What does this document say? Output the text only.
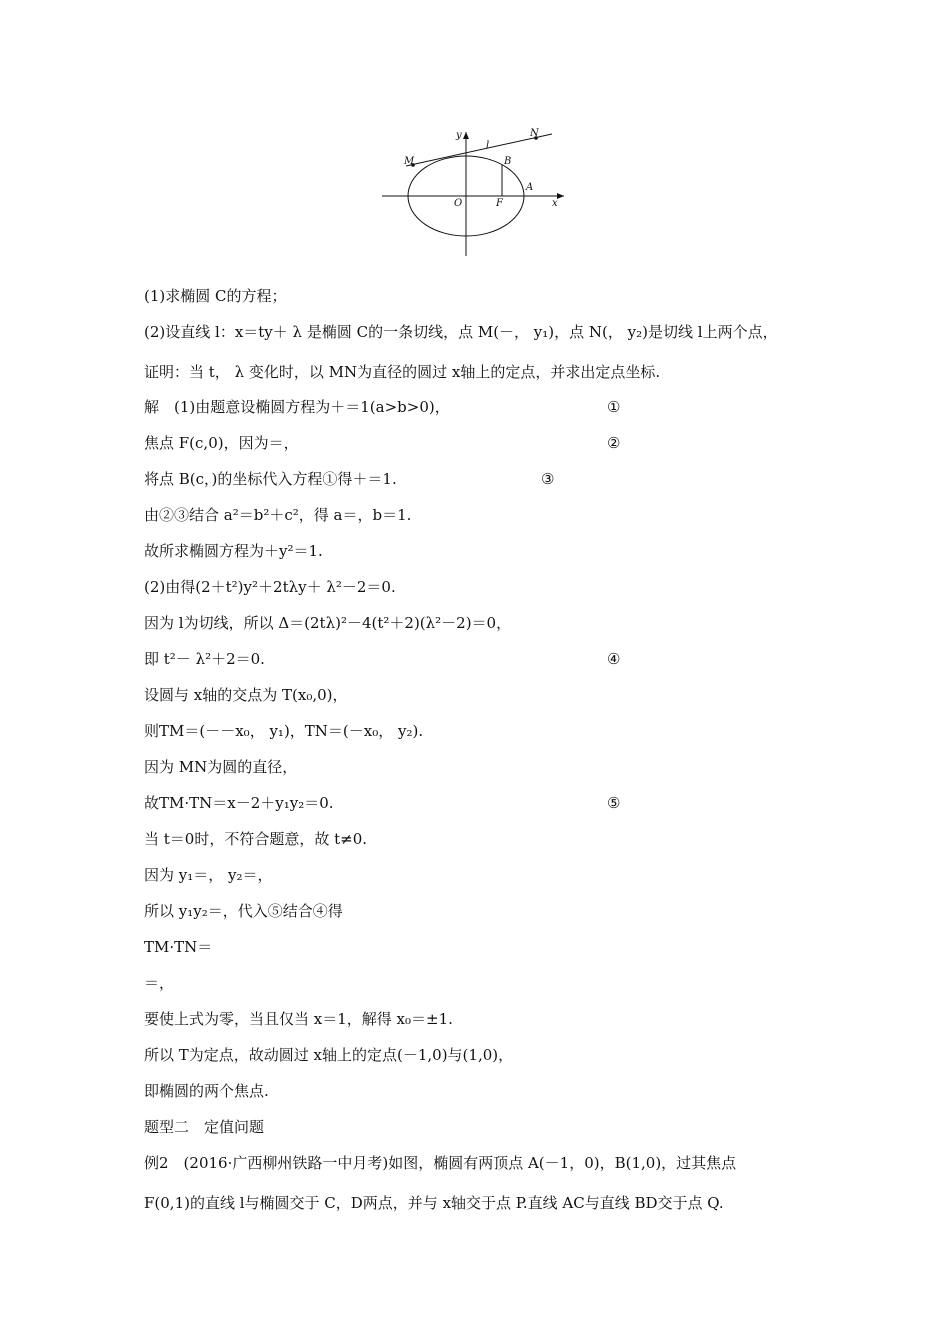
y
l
N
M	B
A
O	F	x
(1)求椭圆 C的方程；
(2)设直线 l：x＝ty＋ λ 是椭圆 C的一条切线，点 M(－， y₁)，点 N(， y₂)是切线 l上两个点，
证明：当 t， λ 变化时，以 MN为直径的圆过 x轴上的定点，并求出定点坐标.
解　(1)由题意设椭圆方程为＋＝1(a>b>0)，
焦点 F(c,0)，因为＝，
将点 B(c，)的坐标代入方程①得＋＝1.
由②③结合 a²＝b²＋c²，得 a＝，b＝1.
故所求椭圆方程为＋y²＝1.
(2)由得(2＋t²)y²＋2tλy＋ λ²－2＝0.
因为 l为切线，所以 Δ＝(2tλ)²－4(t²＋2)(λ²－2)＝0，
即 t²－ λ²＋2＝0.
设圆与 x轴的交点为 T(x₀,0)，
则TM＝(－－x₀， y₁)，TN＝(－x₀， y₂).
因为 MN为圆的直径，
故TM·TN＝x－2＋y₁y₂＝0.
当 t＝0时，不符合题意，故 t≠0.
因为 y₁＝， y₂＝，
所以 y₁y₂＝，代入⑤结合④得
TM·TN＝
＝，
要使上式为零，当且仅当 x＝1，解得 x₀＝±1.
所以 T为定点，故动圆过 x轴上的定点(－1,0)与(1,0)，
即椭圆的两个焦点.
题型二　定值问题
例2　(2016·广西柳州铁路一中月考)如图，椭圆有两顶点 A(－1，0)，B(1,0)，过其焦点
F(0,1)的直线 l与椭圆交于 C，D两点，并与 x轴交于点 P.直线 AC与直线 BD交于点 Q.
①
②
③
④
⑤
